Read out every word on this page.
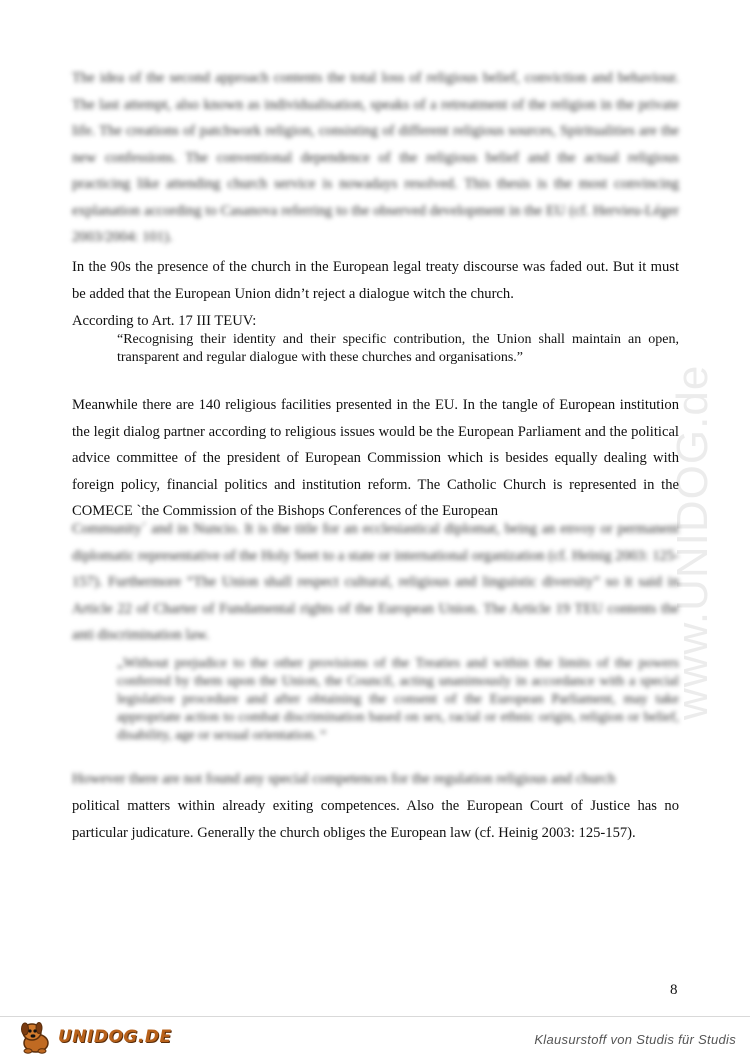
www.UNIDOG.de
The idea of the second approach contents the total loss of religious belief, conviction and behaviour. The last attempt, also known as individualisation, speaks of a retreatment of the religion in the private life. The creations of patchwork religion, consisting of different religious sources, Spiritualities are the new confessions. The conventional dependence of the religious belief and the actual religious practicing like attending church service is nowadays resolved. This thesis is the most convincing explanation according to Casanova referring to the observed development in the EU (cf. Hervieu-Léger 2003/2004: 101).
In the 90s the presence of the church in the European legal treaty discourse was faded out. But it must be added that the European Union didn’t reject a dialogue witch the church.
According to Art. 17 III TEUV:
“Recognising their identity and their specific contribution, the Union shall maintain an open, transparent and regular dialogue with these churches and organisations.”
Meanwhile there are 140 religious facilities presented in the EU. In the tangle of European institution the legit dialog partner according to religious issues would be the European Parliament and the political advice committee of the president of European Commission which is besides equally dealing with foreign policy, financial politics and institution reform. The Catholic Church is represented in the COMECE `the Commission of the Bishops Conferences of the European
Community´ and in Nuncio. It is the title for an ecclesiastical diplomat, being an envoy or permanent diplomatic representative of the Holy Seet to a state or international organization (cf. Heinig 2003: 125-157). Furthermore “The Union shall respect cultural, religious and linguistic diversity” so it said in Article 22 of Charter of Fundamental rights of the European Union. The Article 19 TEU contents the anti discrimination law.
„Without prejudice to the other provisions of the Treaties and within the limits of the powers conferred by them upon the Union, the Council, acting unanimously in accordance with a special legislative procedure and after obtaining the consent of the European Parliament, may take appropriate action to combat discrimination based on sex, racial or ethnic origin, religion or belief, disability, age or sexual orientation. “
However there are not found any special competences for the regulation religious and church
political matters within already exiting competences. Also the European Court of Justice has no particular judicature. Generally the church obliges the European law (cf. Heinig 2003: 125-157).
8
UNIDOG.DE	Klausurstoff von Studis für Studis
